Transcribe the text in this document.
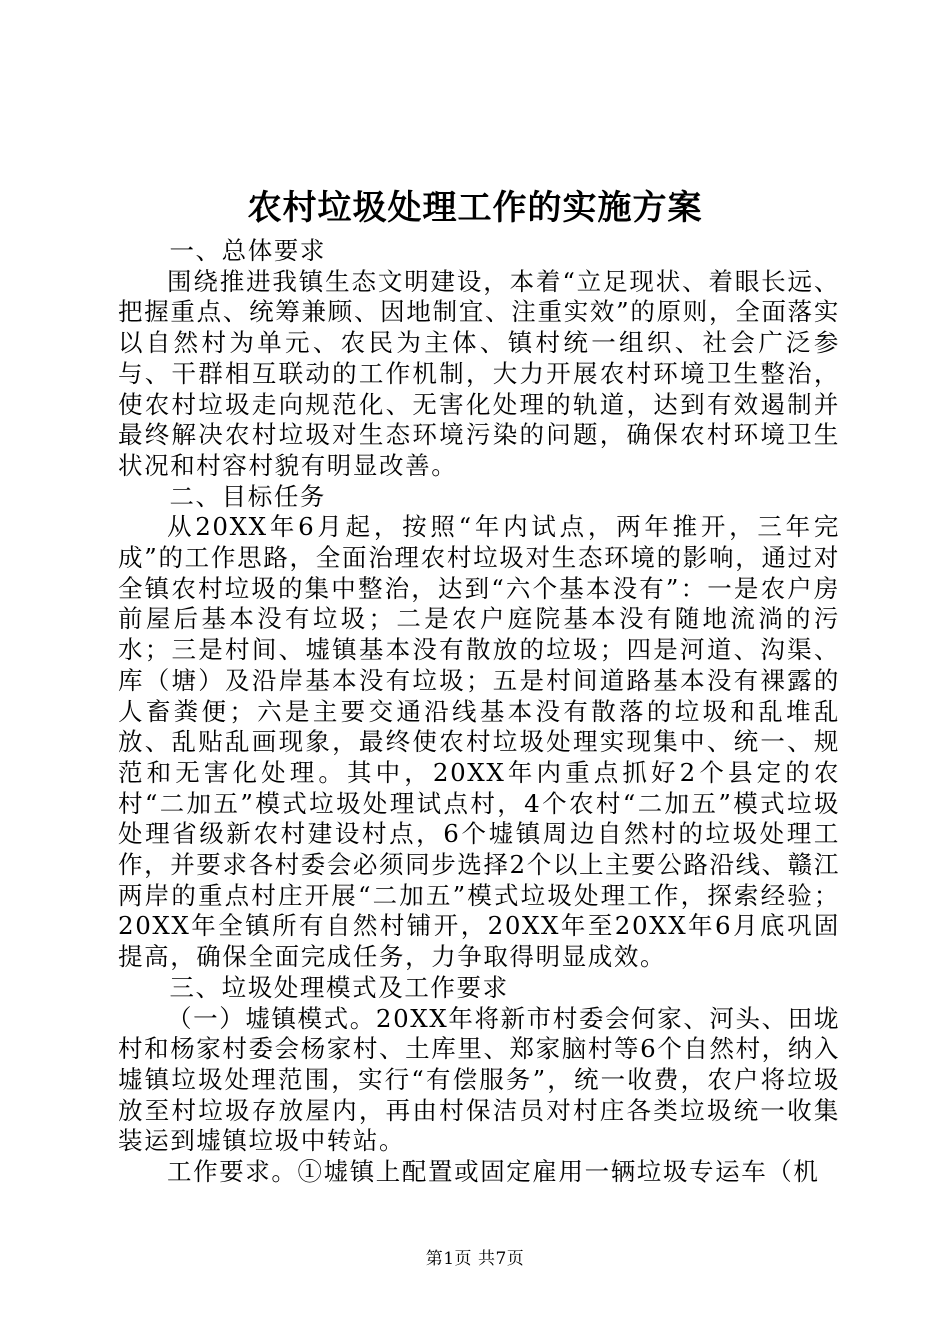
农村垃圾处理工作的实施方案

一、总体要求

围绕推进我镇生态文明建设，本着“立足现状、着眼长远、把握重点、统筹兼顾、因地制宜、注重实效”的原则，全面落实以自然村为单元、农民为主体、镇村统一组织、社会广泛参与、干群相互联动的工作机制，大力开展农村环境卫生整治，使农村垃圾走向规范化、无害化处理的轨道，达到有效遏制并最终解决农村垃圾对生态环境污染的问题，确保农村环境卫生状况和村容村貌有明显改善。

二、目标任务

从20XX年6月起，按照“年内试点，两年推开，三年完成”的工作思路，全面治理农村垃圾对生态环境的影响，通过对全镇农村垃圾的集中整治，达到“六个基本没有”：一是农户房前屋后基本没有垃圾；二是农户庭院基本没有随地流淌的污水；三是村间、墟镇基本没有散放的垃圾；四是河道、沟渠、库（塘）及沿岸基本没有垃圾；五是村间道路基本没有裸露的人畜粪便；六是主要交通沿线基本没有散落的垃圾和乱堆乱放、乱贴乱画现象，最终使农村垃圾处理实现集中、统一、规范和无害化处理。其中，20XX年内重点抓好2个县定的农村“二加五”模式垃圾处理试点村，4个农村“二加五”模式垃圾处理省级新农村建设村点，6个墟镇周边自然村的垃圾处理工作，并要求各村委会必须同步选择2个以上主要公路沿线、赣江两岸的重点村庄开展“二加五”模式垃圾处理工作，探索经验；20XX年全镇所有自然村铺开，20XX年至20XX年6月底巩固提高，确保全面完成任务，力争取得明显成效。

三、垃圾处理模式及工作要求

（一）墟镇模式。20XX年将新市村委会何家、河头、田垅村和杨家村委会杨家村、土库里、郑家脑村等6个自然村，纳入墟镇垃圾处理范围，实行“有偿服务”，统一收费，农户将垃圾放至村垃圾存放屋内，再由村保洁员对村庄各类垃圾统一收集装运到墟镇垃圾中转站。

工作要求。①墟镇上配置或固定雇用一辆垃圾专运车（机

第1页 共7页
